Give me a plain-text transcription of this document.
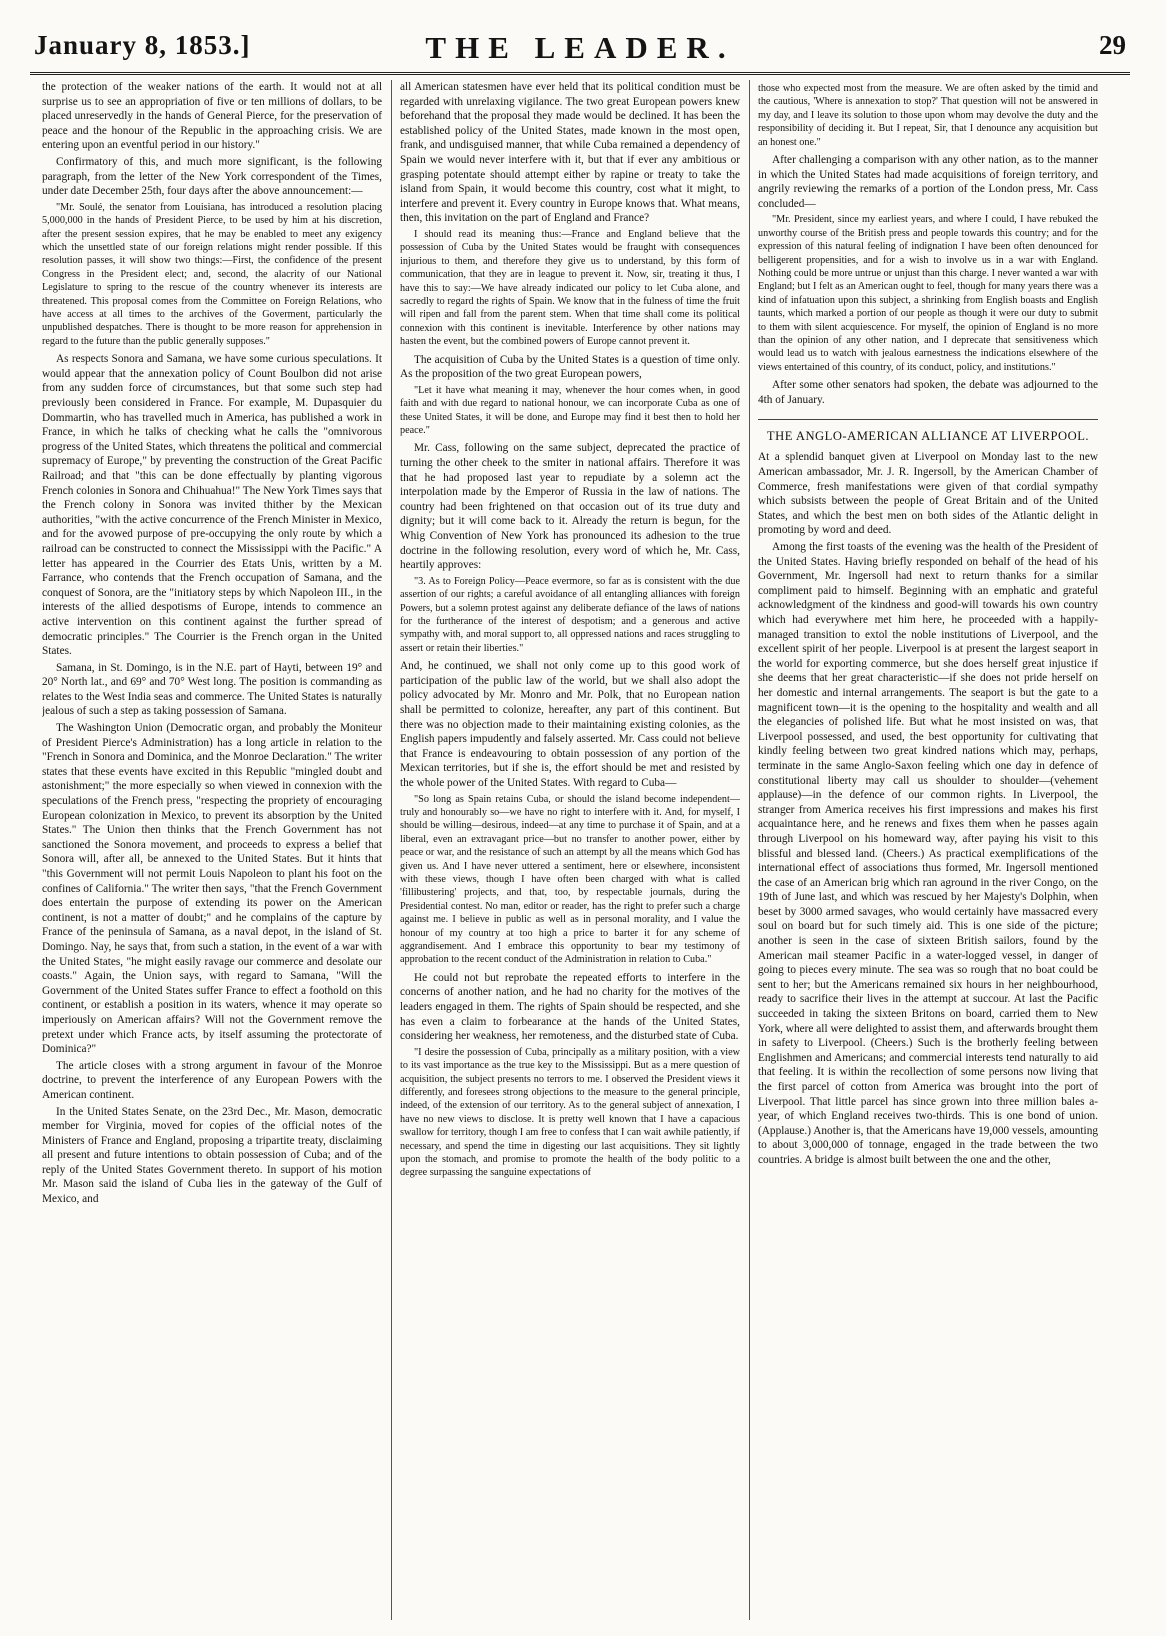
January 8, 1853.]	THE LEADER.	29

the protection of the weaker nations of the earth. It would not at all surprise us to see an appropriation of five or ten millions of dollars, to be placed unreservedly in the hands of General Pierce, for the preservation of peace and the honour of the Republic in the approaching crisis. We are entering upon an eventful period in our history."

Confirmatory of this, and much more significant, is the following paragraph, from the letter of the New York correspondent of the Times, under date December 25th, four days after the above announcement:—

"Mr. Soulé, the senator from Louisiana, has introduced a resolution placing 5,000,000 in the hands of President Pierce, to be used by him at his discretion, after the present session expires, that he may be enabled to meet any exigency which the unsettled state of our foreign relations might render possible. If this resolution passes, it will show two things:—First, the confidence of the present Congress in the President elect; and, second, the alacrity of our National Legislature to spring to the rescue of the country whenever its interests are threatened. This proposal comes from the Committee on Foreign Relations, who have access at all times to the archives of the Goverment, particularly the unpublished despatches. There is thought to be more reason for apprehension in regard to the future than the public generally supposes."

As respects Sonora and Samana, we have some curious speculations. It would appear that the annexation policy of Count Boulbon did not arise from any sudden force of circumstances, but that some such step had previously been considered in France. For example, M. Dupasquier du Dommartin, who has travelled much in America, has published a work in France, in which he talks of checking what he calls the "omnivorous progress of the United States, which threatens the political and commercial supremacy of Europe," by preventing the construction of the Great Pacific Railroad; and that "this can be done effectually by planting vigorous French colonies in Sonora and Chihuahua!" The New York Times says that the French colony in Sonora was invited thither by the Mexican authorities, "with the active concurrence of the French Minister in Mexico, and for the avowed purpose of pre-occupying the only route by which a railroad can be constructed to connect the Mississippi with the Pacific." A letter has appeared in the Courrier des Etats Unis, written by a M. Farrance, who contends that the French occupation of Samana, and the conquest of Sonora, are the "initiatory steps by which Napoleon III., in the interests of the allied despotisms of Europe, intends to commence an active intervention on this continent against the further spread of democratic principles." The Courrier is the French organ in the United States.

Samana, in St. Domingo, is in the N.E. part of Hayti, between 19° and 20° North lat., and 69° and 70° West long. The position is commanding as relates to the West India seas and commerce. The United States is naturally jealous of such a step as taking possession of Samana.

The Washington Union (Democratic organ, and probably the Moniteur of President Pierce's Administration) has a long article in relation to the "French in Sonora and Dominica, and the Monroe Declaration." The writer states that these events have excited in this Republic "mingled doubt and astonishment;" the more especially so when viewed in connexion with the speculations of the French press, "respecting the propriety of encouraging European colonization in Mexico, to prevent its absorption by the United States." The Union then thinks that the French Government has not sanctioned the Sonora movement, and proceeds to express a belief that Sonora will, after all, be annexed to the United States. But it hints that "this Government will not permit Louis Napoleon to plant his foot on the confines of California." The writer then says, "that the French Government does entertain the purpose of extending its power on the American continent, is not a matter of doubt;" and he complains of the capture by France of the peninsula of Samana, as a naval depot, in the island of St. Domingo. Nay, he says that, from such a station, in the event of a war with the United States, "he might easily ravage our commerce and desolate our coasts." Again, the Union says, with regard to Samana, "Will the Government of the United States suffer France to effect a foothold on this continent, or establish a position in its waters, whence it may operate so imperiously on American affairs? Will not the Government remove the pretext under which France acts, by itself assuming the protectorate of Dominica?"

The article closes with a strong argument in favour of the Monroe doctrine, to prevent the interference of any European Powers with the American continent.

In the United States Senate, on the 23rd Dec., Mr. Mason, democratic member for Virginia, moved for copies of the official notes of the Ministers of France and England, proposing a tripartite treaty, disclaiming all present and future intentions to obtain possession of Cuba; and of the reply of the United States Government thereto. In support of his motion Mr. Mason said the island of Cuba lies in the gateway of the Gulf of Mexico, and

all American statesmen have ever held that its political condition must be regarded with unrelaxing vigilance. The two great European powers knew beforehand that the proposal they made would be declined. It has been the established policy of the United States, made known in the most open, frank, and undisguised manner, that while Cuba remained a dependency of Spain we would never interfere with it, but that if ever any ambitious or grasping potentate should attempt either by rapine or treaty to take the island from Spain, it would become this country, cost what it might, to interfere and prevent it. Every country in Europe knows that. What means, then, this invitation on the part of England and France?

I should read its meaning thus:—France and England believe that the possession of Cuba by the United States would be fraught with consequences injurious to them, and therefore they give us to understand, by this form of communication, that they are in league to prevent it. Now, sir, treating it thus, I have this to say:—We have already indicated our policy to let Cuba alone, and sacredly to regard the rights of Spain. We know that in the fulness of time the fruit will ripen and fall from the parent stem. When that time shall come its political connexion with this continent is inevitable. Interference by other nations may hasten the event, but the combined powers of Europe cannot prevent it.

The acquisition of Cuba by the United States is a question of time only. As the proposition of the two great European powers,

"Let it have what meaning it may, whenever the hour comes when, in good faith and with due regard to national honour, we can incorporate Cuba as one of these United States, it will be done, and Europe may find it best then to hold her peace."

Mr. Cass, following on the same subject, deprecated the practice of turning the other cheek to the smiter in national affairs. Therefore it was that he had proposed last year to repudiate by a solemn act the interpolation made by the Emperor of Russia in the law of nations. The country had been frightened on that occasion out of its true duty and dignity; but it will come back to it. Already the return is begun, for the Whig Convention of New York has pronounced its adhesion to the true doctrine in the following resolution, every word of which he, Mr. Cass, heartily approves:

"3. As to Foreign Policy—Peace evermore, so far as is consistent with the due assertion of our rights; a careful avoidance of all entangling alliances with foreign Powers, but a solemn protest against any deliberate defiance of the laws of nations for the furtherance of the interest of despotism; and a generous and active sympathy with, and moral support to, all oppressed nations and races struggling to assert or retain their liberties."

And, he continued, we shall not only come up to this good work of participation of the public law of the world, but we shall also adopt the policy advocated by Mr. Monro and Mr. Polk, that no European nation shall be permitted to colonize, hereafter, any part of this continent. But there was no objection made to their maintaining existing colonies, as the English papers impudently and falsely asserted. Mr. Cass could not believe that France is endeavouring to obtain possession of any portion of the Mexican territories, but if she is, the effort should be met and resisted by the whole power of the United States. With regard to Cuba—

"So long as Spain retains Cuba, or should the island become independent—truly and honourably so—we have no right to interfere with it. And, for myself, I should be willing—desirous, indeed—at any time to purchase it of Spain, and at a liberal, even an extravagant price—but no transfer to another power, either by peace or war, and the resistance of such an attempt by all the means which God has given us. And I have never uttered a sentiment, here or elsewhere, inconsistent with these views, though I have often been charged with what is called 'fillibustering' projects, and that, too, by respectable journals, during the Presidential contest. No man, editor or reader, has the right to prefer such a charge against me. I believe in public as well as in personal morality, and I value the honour of my country at too high a price to barter it for any scheme of aggrandisement. And I embrace this opportunity to bear my testimony of approbation to the recent conduct of the Administration in relation to Cuba."

He could not but reprobate the repeated efforts to interfere in the concerns of another nation, and he had no charity for the motives of the leaders engaged in them. The rights of Spain should be respected, and she has even a claim to forbearance at the hands of the United States, considering her weakness, her remoteness, and the disturbed state of Cuba.

"I desire the possession of Cuba, principally as a military position, with a view to its vast importance as the true key to the Mississippi. But as a mere question of acquisition, the subject presents no terrors to me. I observed the President views it differently, and foresees strong objections to the measure to the general principle, indeed, of the extension of our territory. As to the general subject of annexation, I have no new views to disclose. It is pretty well known that I have a capacious swallow for territory, though I am free to confess that I can wait awhile patiently, if necessary, and spend the time in digesting our last acquisitions. They sit lightly upon the stomach, and promise to promote the health of the body politic to a degree surpassing the sanguine expectations of

those who expected most from the measure. We are often asked by the timid and the cautious, 'Where is annexation to stop?' That question will not be answered in my day, and I leave its solution to those upon whom may devolve the duty and the responsibility of deciding it. But I repeat, Sir, that I denounce any acquisition but an honest one."

After challenging a comparison with any other nation, as to the manner in which the United States had made acquisitions of foreign territory, and angrily reviewing the remarks of a portion of the London press, Mr. Cass concluded—

"Mr. President, since my earliest years, and where I could, I have rebuked the unworthy course of the British press and people towards this country; and for the expression of this natural feeling of indignation I have been often denounced for belligerent propensities, and for a wish to involve us in a war with England. Nothing could be more untrue or unjust than this charge. I never wanted a war with England; but I felt as an American ought to feel, though for many years there was a kind of infatuation upon this subject, a shrinking from English boasts and English taunts, which marked a portion of our people as though it were our duty to submit to them with silent acquiescence. For myself, the opinion of England is no more than the opinion of any other nation, and I deprecate that sensitiveness which would lead us to watch with jealous earnestness the indications elsewhere of the views entertained of this country, of its conduct, policy, and institutions."

After some other senators had spoken, the debate was adjourned to the 4th of January.

THE ANGLO-AMERICAN ALLIANCE AT LIVERPOOL.

At a splendid banquet given at Liverpool on Monday last to the new American ambassador, Mr. J. R. Ingersoll, by the American Chamber of Commerce, fresh manifestations were given of that cordial sympathy which subsists between the people of Great Britain and of the United States, and which the best men on both sides of the Atlantic delight in promoting by word and deed.

Among the first toasts of the evening was the health of the President of the United States. Having briefly responded on behalf of the head of his Government, Mr. Ingersoll had next to return thanks for a similar compliment paid to himself. Beginning with an emphatic and grateful acknowledgment of the kindness and good-will towards his own country which had everywhere met him here, he proceeded with a happily-managed transition to extol the noble institutions of Liverpool, and the excellent spirit of her people. Liverpool is at present the largest seaport in the world for exporting commerce, but she does herself great injustice if she deems that her great characteristic—if she does not pride herself on her domestic and internal arrangements. The seaport is but the gate to a magnificent town—it is the opening to the hospitality and wealth and all the elegancies of polished life. But what he most insisted on was, that Liverpool possessed, and used, the best opportunity for cultivating that kindly feeling between two great kindred nations which may, perhaps, terminate in the same Anglo-Saxon feeling which one day in defence of constitutional liberty may call us shoulder to shoulder—(vehement applause)—in the defence of our common rights. In Liverpool, the stranger from America receives his first impressions and makes his first acquaintance here, and he renews and fixes them when he passes again through Liverpool on his homeward way, after paying his visit to this blissful and blessed land. (Cheers.) As practical exemplifications of the international effect of associations thus formed, Mr. Ingersoll mentioned the case of an American brig which ran aground in the river Congo, on the 19th of June last, and which was rescued by her Majesty's Dolphin, when beset by 3000 armed savages, who would certainly have massacred every soul on board but for such timely aid. This is one side of the picture; another is seen in the case of sixteen British sailors, found by the American mail steamer Pacific in a water-logged vessel, in danger of going to pieces every minute. The sea was so rough that no boat could be sent to her; but the Americans remained six hours in her neighbourhood, ready to sacrifice their lives in the attempt at succour. At last the Pacific succeeded in taking the sixteen Britons on board, carried them to New York, where all were delighted to assist them, and afterwards brought them in safety to Liverpool. (Cheers.) Such is the brotherly feeling between Englishmen and Americans; and commercial interests tend naturally to aid that feeling. It is within the recollection of some persons now living that the first parcel of cotton from America was brought into the port of Liverpool. That little parcel has since grown into three million bales a-year, of which England receives two-thirds. This is one bond of union. (Applause.) Another is, that the Americans have 19,000 vessels, amounting to about 3,000,000 of tonnage, engaged in the trade between the two countries. A bridge is almost built between the one and the other,
